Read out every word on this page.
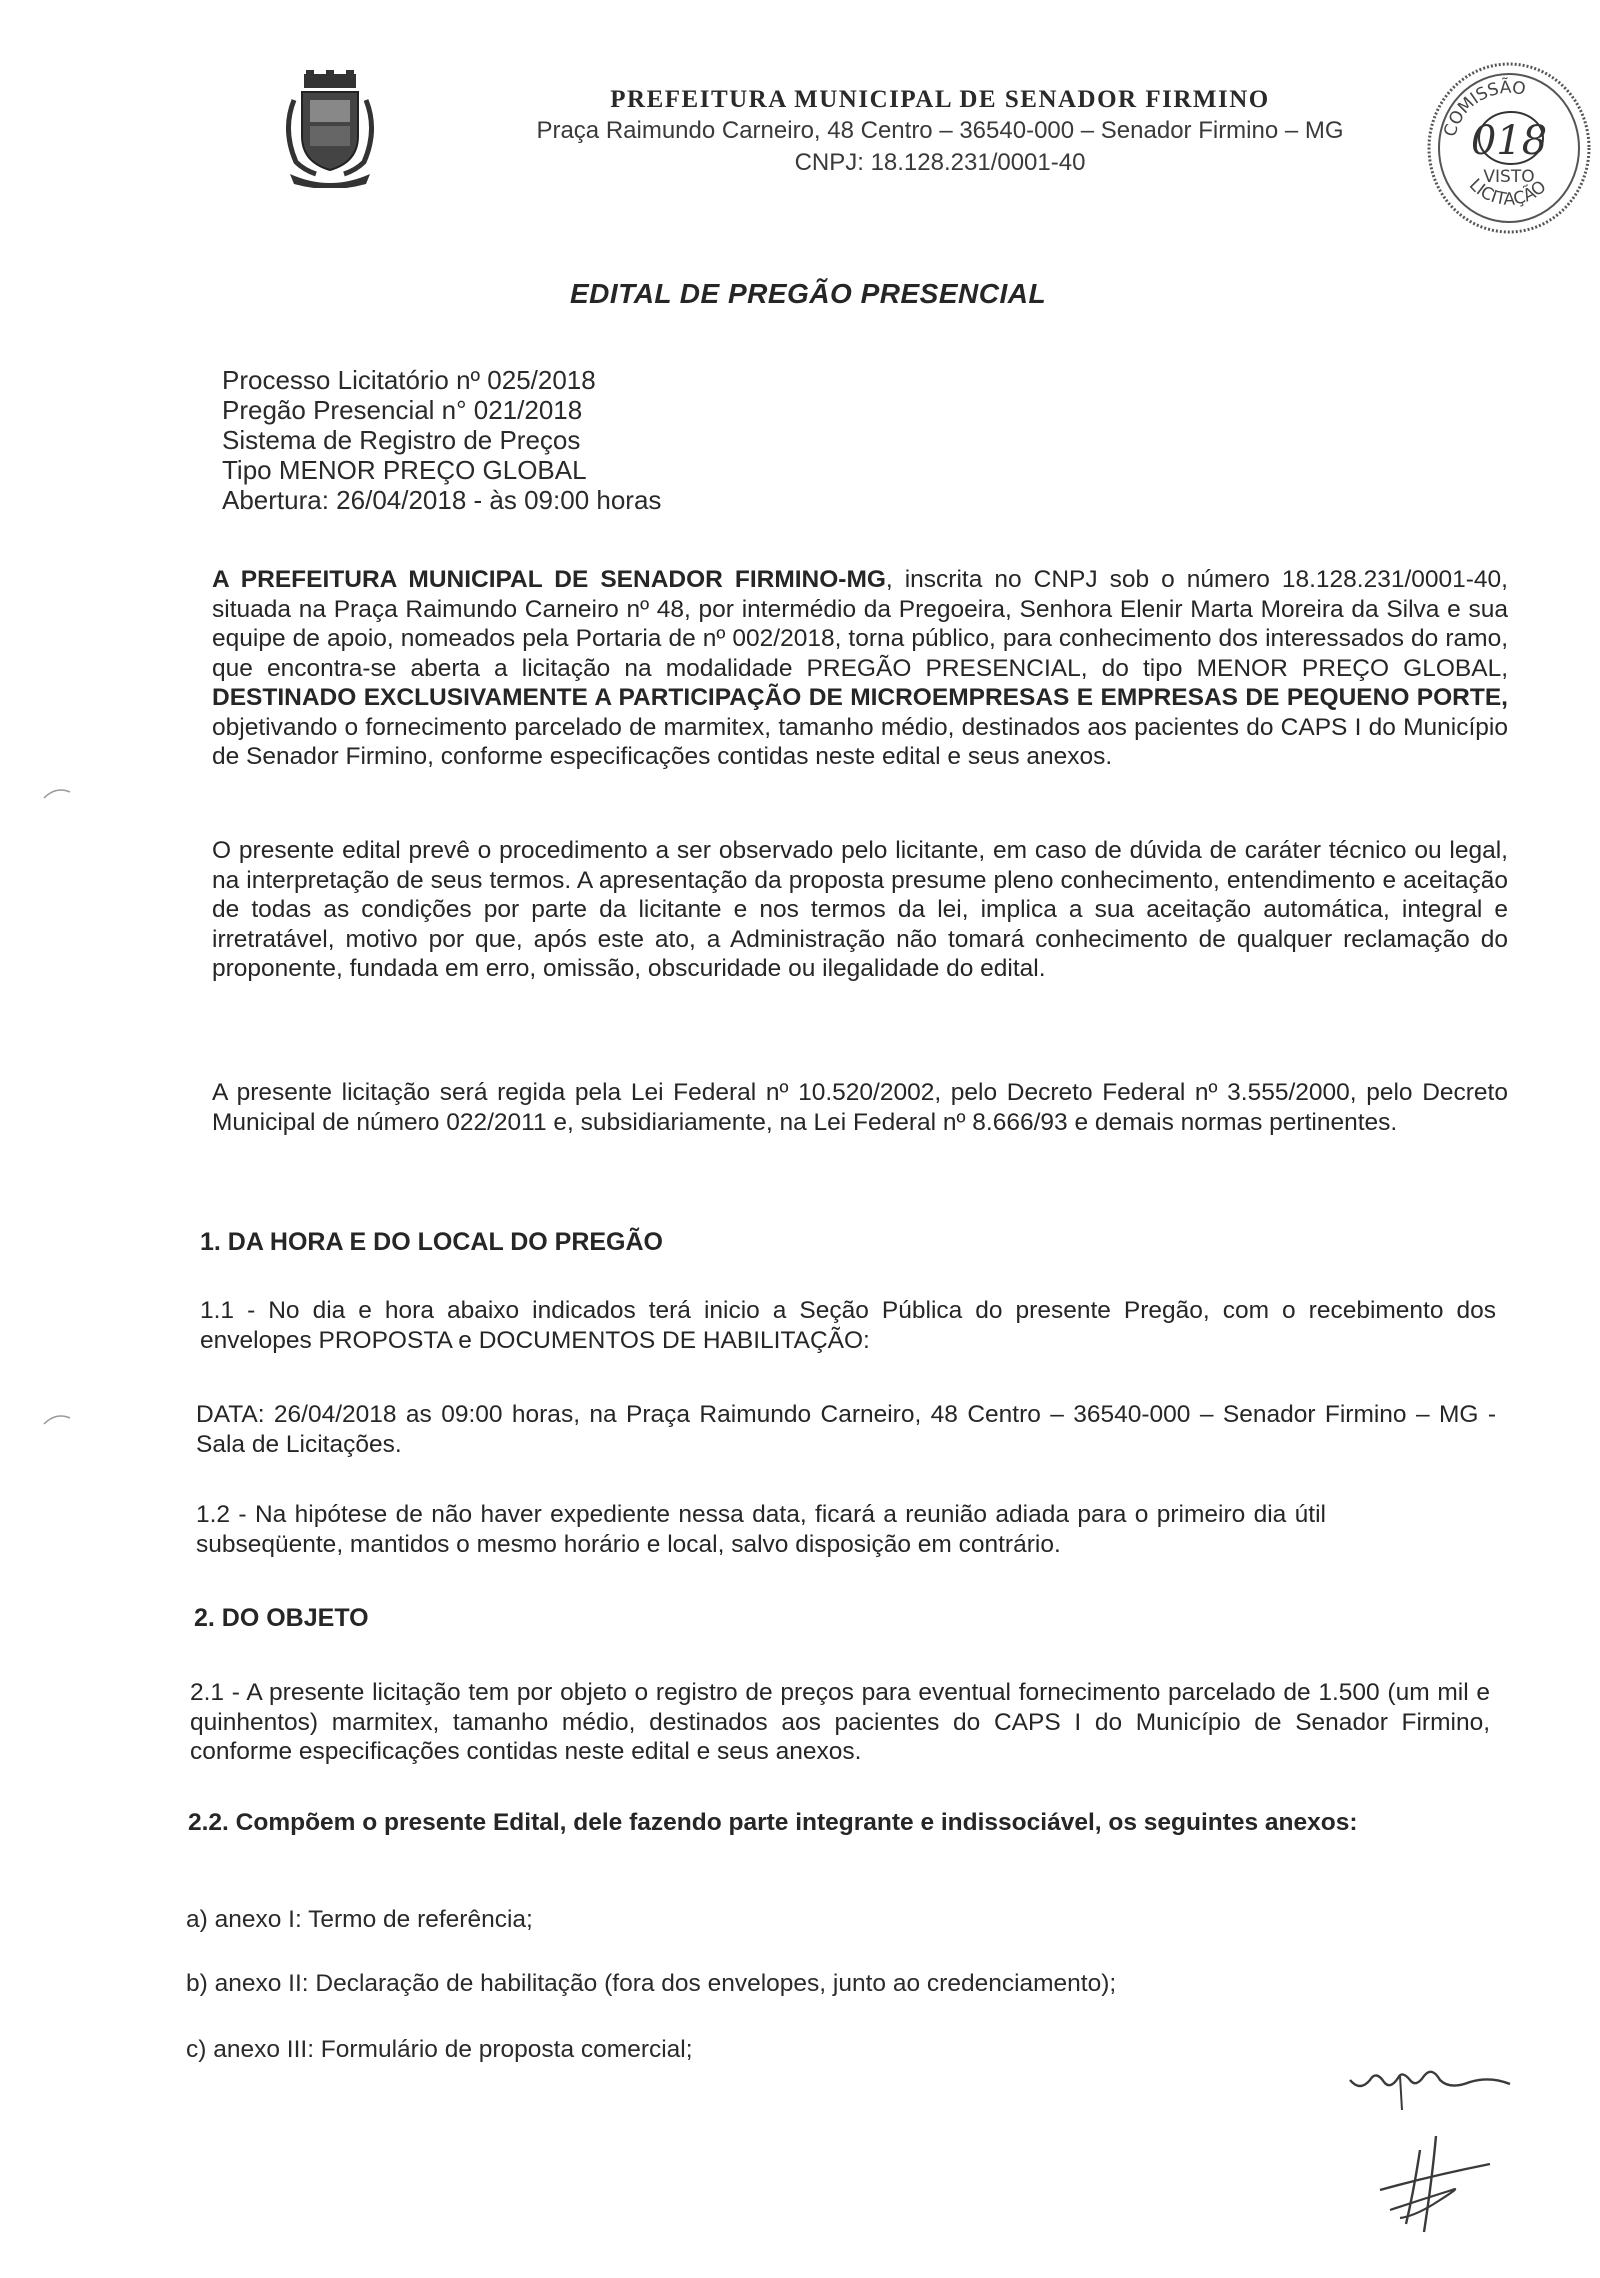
PREFEITURA MUNICIPAL DE SENADOR FIRMINO
Praça Raimundo Carneiro, 48 Centro – 36540-000 – Senador Firmino – MG
CNPJ: 18.128.231/0001-40
COMISSÃO
LICITAÇÃO
018
VISTO
EDITAL DE PREGÃO PRESENCIAL
Processo Licitatório nº 025/2018
Pregão Presencial n° 021/2018
Sistema de Registro de Preços
Tipo MENOR PREÇO GLOBAL
Abertura: 26/04/2018 - às 09:00 horas
A PREFEITURA MUNICIPAL DE SENADOR FIRMINO-MG, inscrita no CNPJ sob o número 18.128.231/0001-40, situada na Praça Raimundo Carneiro nº 48, por intermédio da Pregoeira, Senhora Elenir Marta Moreira da Silva e sua equipe de apoio, nomeados pela Portaria de nº 002/2018, torna público, para conhecimento dos interessados do ramo, que encontra-se aberta a licitação na modalidade PREGÃO PRESENCIAL, do tipo MENOR PREÇO GLOBAL, DESTINADO EXCLUSIVAMENTE A PARTICIPAÇÃO DE MICROEMPRESAS E EMPRESAS DE PEQUENO PORTE, objetivando o fornecimento parcelado de marmitex, tamanho médio, destinados aos pacientes do CAPS I do Município de Senador Firmino, conforme especificações contidas neste edital e seus anexos.
O presente edital prevê o procedimento a ser observado pelo licitante, em caso de dúvida de caráter técnico ou legal, na interpretação de seus termos. A apresentação da proposta presume pleno conhecimento, entendimento e aceitação de todas as condições por parte da licitante e nos termos da lei, implica a sua aceitação automática, integral e irretratável, motivo por que, após este ato, a Administração não tomará conhecimento de qualquer reclamação do proponente, fundada em erro, omissão, obscuridade ou ilegalidade do edital.
A presente licitação será regida pela Lei Federal nº 10.520/2002, pelo Decreto Federal nº 3.555/2000, pelo Decreto Municipal de número 022/2011 e, subsidiariamente, na Lei Federal nº 8.666/93 e demais normas pertinentes.
1. DA HORA E DO LOCAL DO PREGÃO
1.1 - No dia e hora abaixo indicados terá inicio a Seção Pública do presente Pregão, com o recebimento dos envelopes PROPOSTA e DOCUMENTOS DE HABILITAÇÃO:
DATA: 26/04/2018 as 09:00 horas, na Praça Raimundo Carneiro, 48 Centro – 36540-000 – Senador Firmino – MG - Sala de Licitações.
1.2 - Na hipótese de não haver expediente nessa data, ficará a reunião adiada para o primeiro dia útil subseqüente, mantidos o mesmo horário e local, salvo disposição em contrário.
2. DO OBJETO
2.1 - A presente licitação tem por objeto o registro de preços para eventual fornecimento parcelado de 1.500 (um mil e quinhentos) marmitex, tamanho médio, destinados aos pacientes do CAPS I do Município de Senador Firmino, conforme especificações contidas neste edital e seus anexos.
2.2. Compõem o presente Edital, dele fazendo parte integrante e indissociável, os seguintes anexos:
a) anexo I: Termo de referência;
b) anexo II: Declaração de habilitação (fora dos envelopes, junto ao credenciamento);
c) anexo III: Formulário de proposta comercial;
